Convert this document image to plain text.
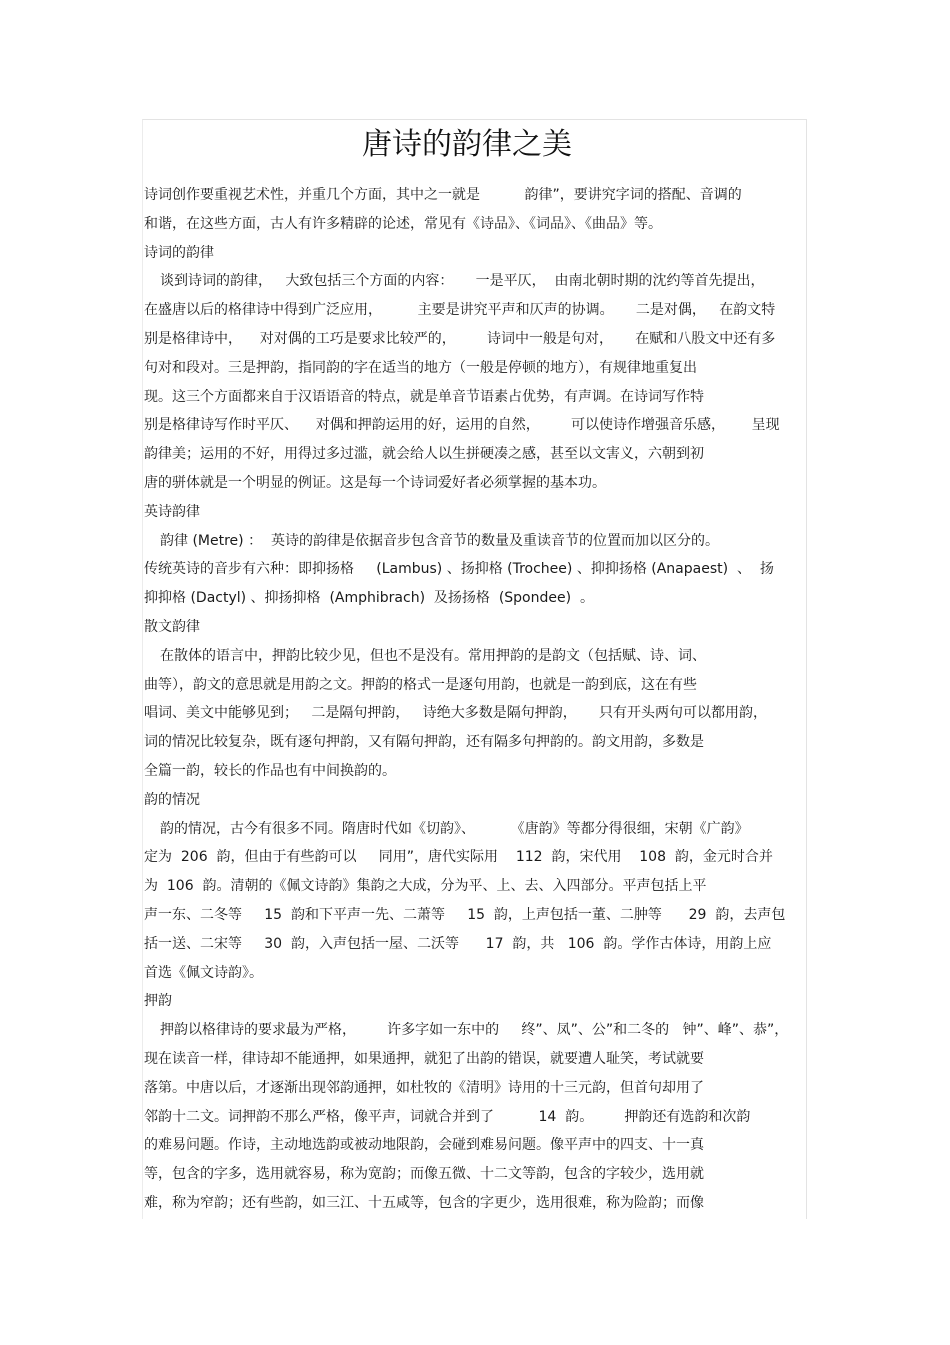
唐诗的韵律之美

诗词创作要重视艺术性，并重几个方面，其中之一就是          韵律”，要讲究字词的搭配、音调的

和谐，在这些方面，古人有许多精辟的论述，常见有《诗品》、《词品》、《曲品》等。

诗词的韵律

谈到诗词的韵律，   大致包括三个方面的内容：     一是平仄，  由南北朝时期的沈约等首先提出，

在盛唐以后的格律诗中得到广泛应用，        主要是讲究平声和仄声的协调。     二是对偶，   在韵文特

别是格律诗中，    对对偶的工巧是要求比较严的，       诗词中一般是句对，     在赋和八股文中还有多

句对和段对。三是押韵，指同韵的字在适当的地方（一般是停顿的地方），有规律地重复出

现。这三个方面都来自于汉语语音的特点，就是单音节语素占优势，有声调。在诗词写作特

别是格律诗写作时平仄、    对偶和押韵运用的好，运用的自然，       可以使诗作增强音乐感，      呈现

韵律美；运用的不好，用得过多过滥，就会给人以生拼硬凑之感，甚至以文害义，六朝到初

唐的骈体就是一个明显的例证。这是每一个诗词爱好者必须掌握的基本功。

英诗韵律

韵律 (Metre) ：  英诗的韵律是依据音步包含音节的数量及重读音节的位置而加以区分的。

传统英诗的音步有六种：即抑扬格     (Lambus) 、扬抑格 (Trochee) 、抑抑扬格 (Anapaest)  、  扬

抑抑格 (Dactyl) 、抑扬抑格  (Amphibrach)  及扬扬格  (Spondee)  。

散文韵律

在散体的语言中，押韵比较少见，但也不是没有。常用押韵的是韵文（包括赋、诗、词、

曲等），韵文的意思就是用韵之文。押韵的格式一是逐句用韵，也就是一韵到底，这在有些

唱词、美文中能够见到；   二是隔句押韵，   诗绝大多数是隔句押韵，     只有开头两句可以都用韵，

词的情况比较复杂，既有逐句押韵，又有隔句押韵，还有隔多句押韵的。韵文用韵，多数是

全篇一韵，较长的作品也有中间换韵的。

韵的情况

韵的情况，古今有很多不同。隋唐时代如《切韵》、        《唐韵》等都分得很细，宋朝《广韵》

定为  206  韵，但由于有些韵可以     同用”，唐代实际用    112  韵，宋代用    108  韵，金元时合并

为  106  韵。清朝的《佩文诗韵》集韵之大成，分为平、上、去、入四部分。平声包括上平

声一东、二冬等     15  韵和下平声一先、二萧等     15  韵，上声包括一董、二肿等      29  韵，去声包

括一送、二宋等     30  韵，入声包括一屋、二沃等      17  韵，共   106  韵。学作古体诗，用韵上应

首选《佩文诗韵》。

押韵

押韵以格律诗的要求最为严格，       许多字如一东中的     终”、凤”、公”和二冬的   钟”、峰”、恭”，

现在读音一样，律诗却不能通押，如果通押，就犯了出韵的错误，就要遭人耻笑，考试就要

落第。中唐以后，才逐渐出现邻韵通押，如杜牧的《清明》诗用的十三元韵，但首句却用了

邻韵十二文。词押韵不那么严格，像平声，词就合并到了          14  韵。       押韵还有选韵和次韵

的难易问题。作诗，主动地选韵或被动地限韵，会碰到难易问题。像平声中的四支、十一真

等，包含的字多，选用就容易，称为宽韵；而像五微、十二文等韵，包含的字较少，选用就

难，称为窄韵；还有些韵，如三江、十五咸等，包含的字更少，选用很难，称为险韵；而像
